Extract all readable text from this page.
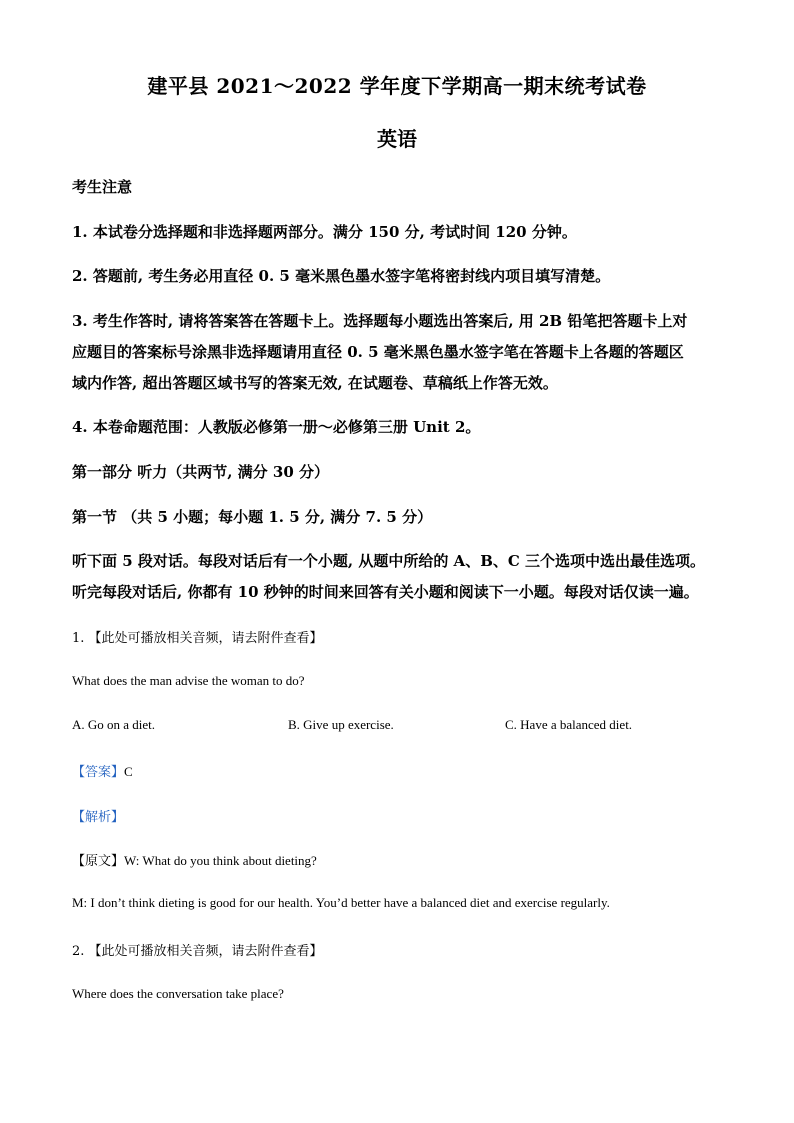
建平县 2021～2022 学年度下学期高一期末统考试卷
英语
考生注意
1. 本试卷分选择题和非选择题两部分。满分 150 分, 考试时间 120 分钟。
2. 答题前, 考生务必用直径 0. 5 毫米黑色墨水签字笔将密封线内项目填写清楚。
3. 考生作答时, 请将答案答在答题卡上。选择题每小题选出答案后, 用 2B 铅笔把答题卡上对
应题目的答案标号涂黑非选择题请用直径 0. 5 毫米黑色墨水签字笔在答题卡上各题的答题区
域内作答, 超出答题区域书写的答案无效, 在试题卷、草稿纸上作答无效。
4. 本卷命题范围：人教版必修第一册～必修第三册 Unit 2。
第一部分 听力（共两节, 满分 30 分）
第一节 （共 5 小题；每小题 1. 5 分, 满分 7. 5 分）
听下面 5 段对话。每段对话后有一个小题, 从题中所给的 A、B、C 三个选项中选出最佳选项。
听完每段对话后, 你都有 10 秒钟的时间来回答有关小题和阅读下一小题。每段对话仅读一遍。
1. 【此处可播放相关音频，请去附件查看】
What does the man advise the woman to do?
A. Go on a diet.	B. Give up exercise.	C. Have a balanced diet.
【答案】C
【解析】
【原文】W: What do you think about dieting?
M: I don’t think dieting is good for our health. You’d better have a balanced diet and exercise regularly.
2. 【此处可播放相关音频，请去附件查看】
Where does the conversation take place?
